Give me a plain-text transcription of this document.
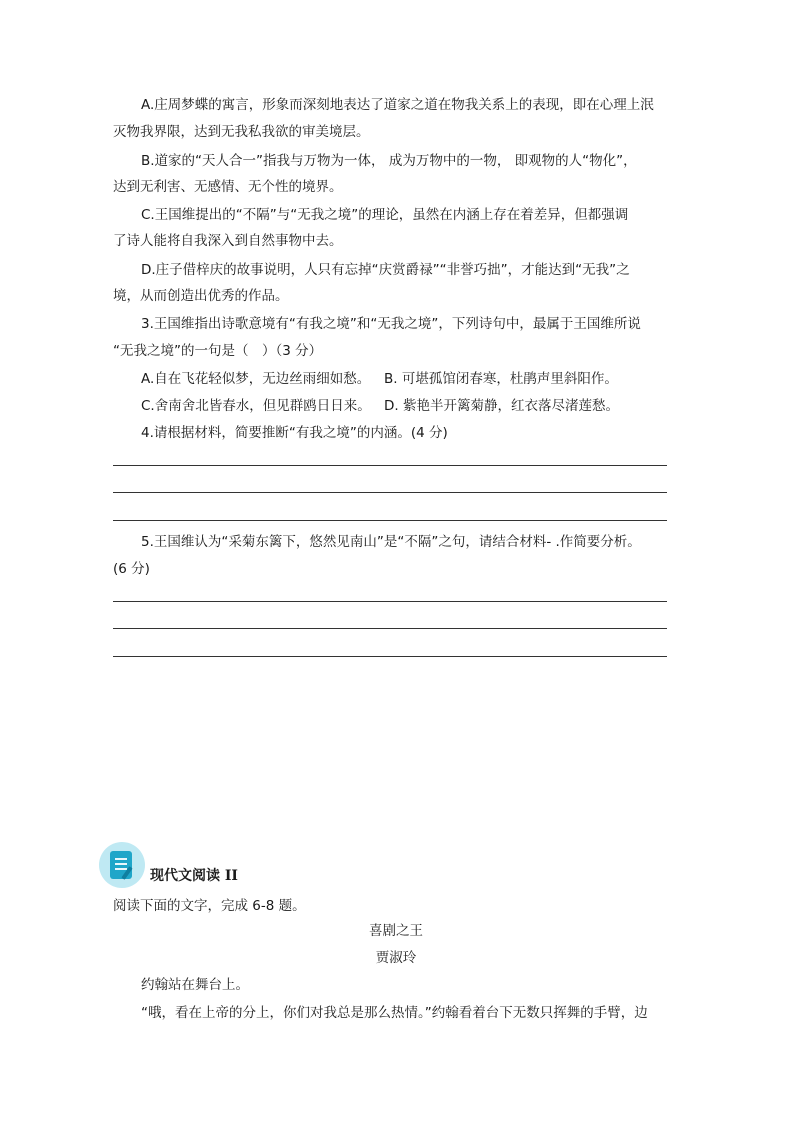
A.庄周梦蝶的寓言，形象而深刻地表达了道家之道在物我关系上的表现，即在心理上泯
灭物我界限，达到无我私我欲的审美境层。
B.道家的“天人合一”指我与万物为一体， 成为万物中的一物， 即观物的人“物化”，
达到无利害、无感情、无个性的境界。
C.王国维提出的“不隔”与“无我之境”的理论，虽然在内涵上存在着差异，但都强调
了诗人能将自我深入到自然事物中去。
D.庄子借梓庆的故事说明，人只有忘掉“庆赏爵禄”“非誉巧拙”，才能达到“无我”之
境，从而创造出优秀的作品。
3.王国维指出诗歌意境有“有我之境”和“无我之境”，下列诗句中，最属于王国维所说
“无我之境”的一句是（　）（3 分）
A.自在飞花轻似梦，无边丝雨细如愁。 B. 可堪孤馆闭春寒，杜鹃声里斜阳作。
C.舍南舍北皆春水，但见群鸥日日来。 D. 紫艳半开篱菊静，红衣落尽渚莲愁。
4.请根据材料，简要推断“有我之境”的内涵。(4 分)
5.王国维认为“采菊东篱下，悠然见南山”是“不隔”之句，请结合材料- .作简要分析。
(6 分)
现代文阅读 II
阅读下面的文字，完成 6-8 题。
喜剧之王
贾淑玲
约翰站在舞台上。
“哦，看在上帝的分上，你们对我总是那么热情。”约翰看着台下无数只挥舞的手臂，边
